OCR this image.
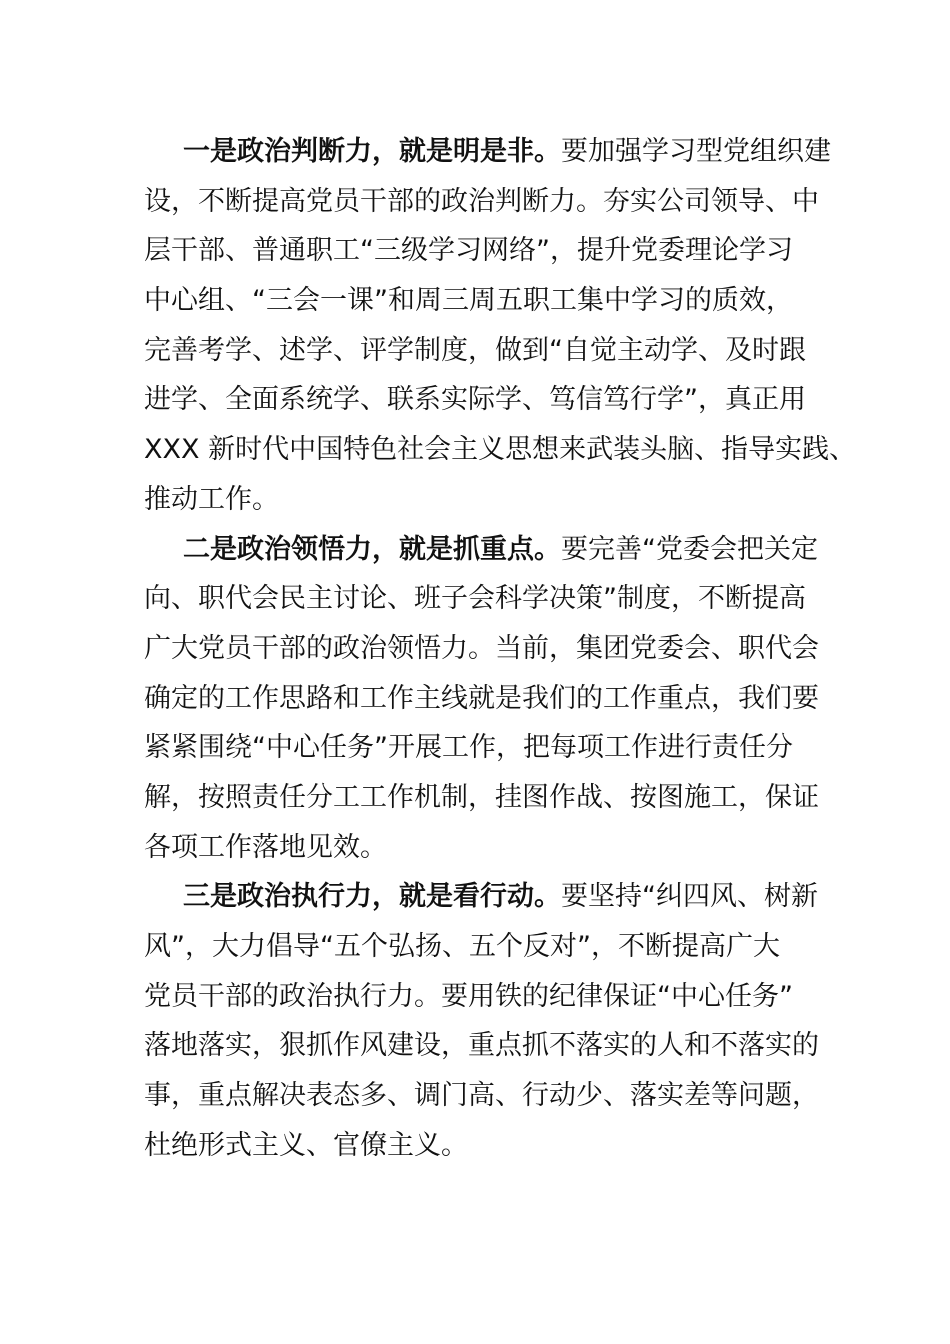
一是政治判断力，就是明是非。要加强学习型党组织建
设，不断提高党员干部的政治判断力。夯实公司领导、中
层干部、普通职工“三级学习网络”，提升党委理论学习
中心组、“三会一课”和周三周五职工集中学习的质效，
完善考学、述学、评学制度，做到“自觉主动学、及时跟
进学、全面系统学、联系实际学、笃信笃行学”，真正用
XXX 新时代中国特色社会主义思想来武装头脑、指导实践、
推动工作。
二是政治领悟力，就是抓重点。要完善“党委会把关定
向、职代会民主讨论、班子会科学决策”制度，不断提高
广大党员干部的政治领悟力。当前，集团党委会、职代会
确定的工作思路和工作主线就是我们的工作重点，我们要
紧紧围绕“中心任务”开展工作，把每项工作进行责任分
解，按照责任分工工作机制，挂图作战、按图施工，保证
各项工作落地见效。
三是政治执行力，就是看行动。要坚持“纠四风、树新
风”，大力倡导“五个弘扬、五个反对”，不断提高广大
党员干部的政治执行力。要用铁的纪律保证“中心任务”
落地落实，狠抓作风建设，重点抓不落实的人和不落实的
事，重点解决表态多、调门高、行动少、落实差等问题，
杜绝形式主义、官僚主义。
